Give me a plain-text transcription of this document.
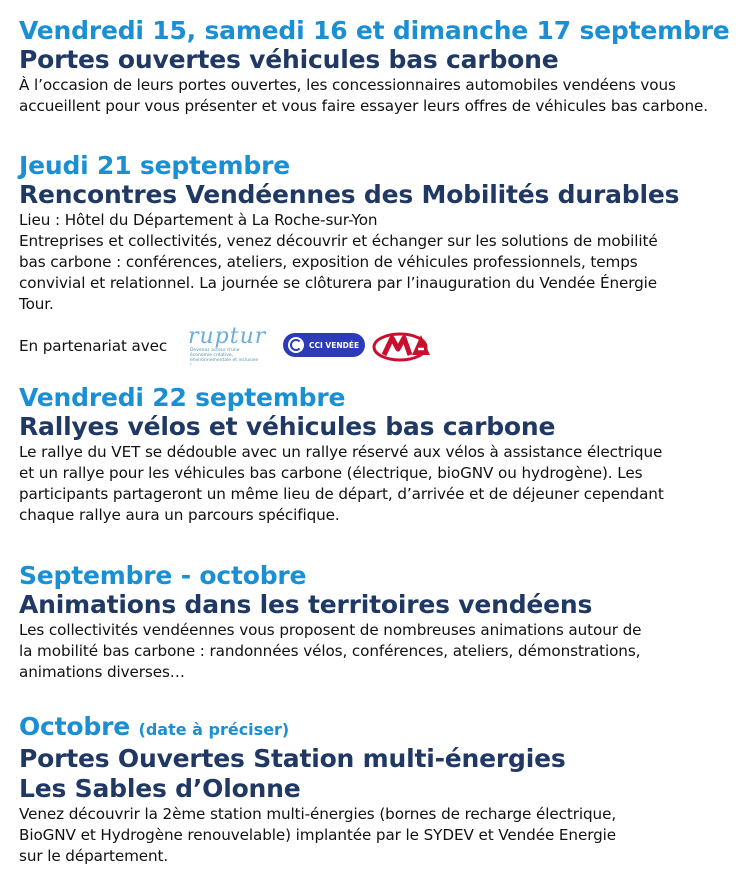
Vendredi 15, samedi 16 et dimanche 17 septembre
Portes ouvertes véhicules bas carbone

À l’occasion de leurs portes ouvertes, les concessionnaires automobiles vendéens vous

accueillent pour vous présenter et vous faire essayer leurs offres de véhicules bas carbone.

Jeudi 21 septembre
Rencontres Vendéennes des Mobilités durables

Lieu : Hôtel du Département à La Roche-sur-Yon

Entreprises et collectivités, venez découvrir et échanger sur les solutions de mobilité

bas carbone : conférences, ateliers, exposition de véhicules professionnels, temps

convivial et relationnel. La journée se clôturera par l’inauguration du Vendée Énergie

Tour.

En partenariat avec ruptur
Devenez acteur d'une économie créative, environnementale et inclusive !
CCI VENDÉE
Vendredi 22 septembre
Rallyes vélos et véhicules bas carbone

Le rallye du VET se dédouble avec un rallye réservé aux vélos à assistance électrique

et un rallye pour les véhicules bas carbone (électrique, bioGNV ou hydrogène). Les

participants partageront un même lieu de départ, d’arrivée et de déjeuner cependant

chaque rallye aura un parcours spécifique.

Septembre - octobre
Animations dans les territoires vendéens

Les collectivités vendéennes vous proposent de nombreuses animations autour de

la mobilité bas carbone : randonnées vélos, conférences, ateliers, démonstrations,

animations diverses…

Octobre (date à préciser)
Portes Ouvertes Station multi-énergies
Les Sables d’Olonne

Venez découvrir la 2ème station multi-énergies (bornes de recharge électrique,

BioGNV et Hydrogène renouvelable) implantée par le SYDEV et Vendée Energie

sur le département.
